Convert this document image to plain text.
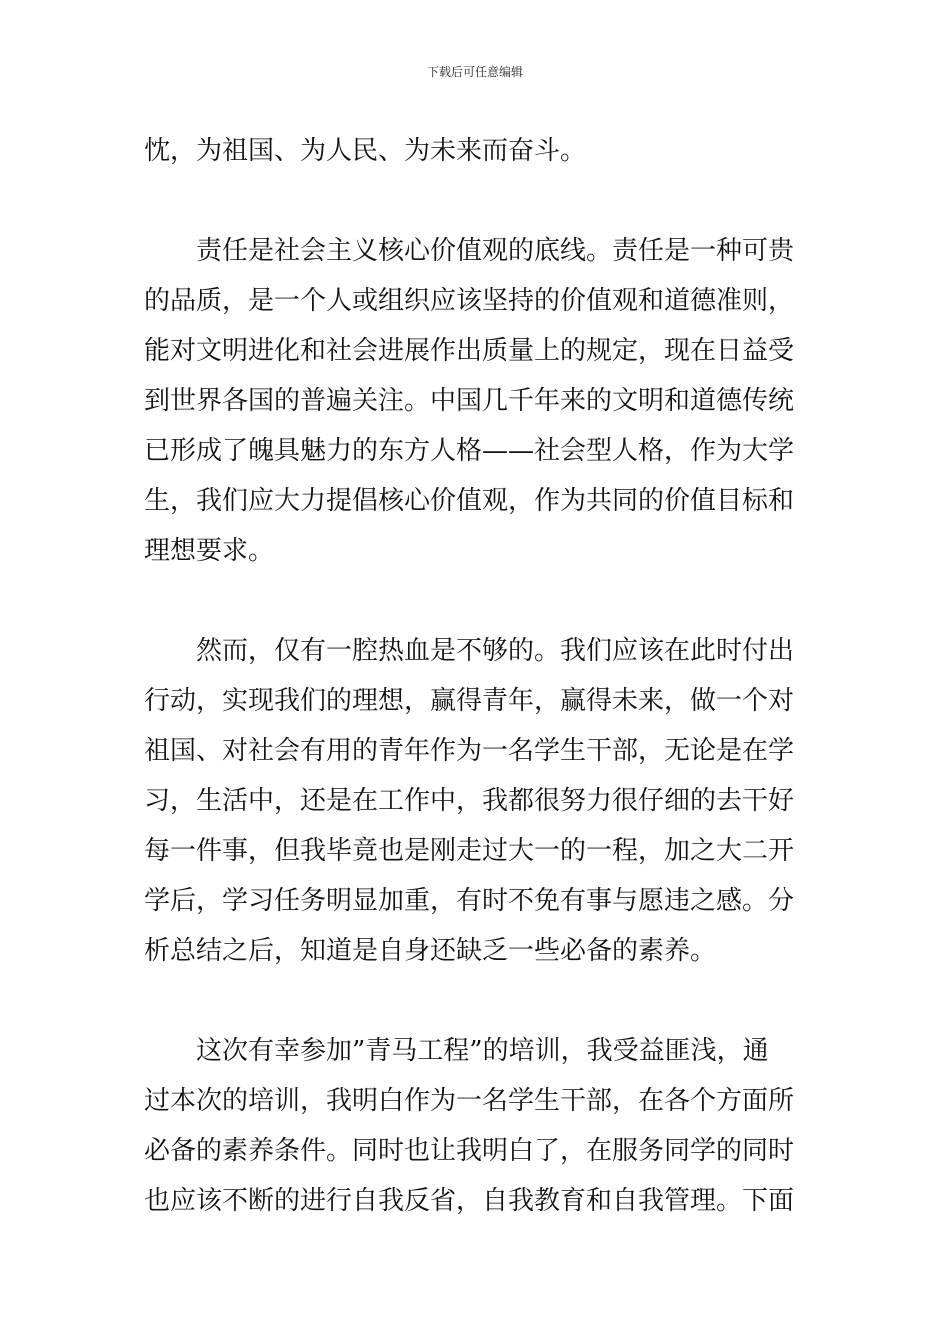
下载后可任意编辑
忱，为祖国、为人民、为未来而奋斗。
责任是社会主义核心价值观的底线。责任是一种可贵
的品质，是一个人或组织应该坚持的价值观和道德准则，
能对文明进化和社会进展作出质量上的规定，现在日益受
到世界各国的普遍关注。中国几千年来的文明和道德传统
已形成了魄具魅力的东方人格——社会型人格，作为大学
生，我们应大力提倡核心价值观，作为共同的价值目标和
理想要求。
然而，仅有一腔热血是不够的。我们应该在此时付出
行动，实现我们的理想，赢得青年，赢得未来，做一个对
祖国、对社会有用的青年作为一名学生干部，无论是在学
习，生活中，还是在工作中，我都很努力很仔细的去干好
每一件事，但我毕竟也是刚走过大一的一程，加之大二开
学后，学习任务明显加重，有时不免有事与愿违之感。分
析总结之后，知道是自身还缺乏一些必备的素养。
这次有幸参加”青马工程”的培训，我受益匪浅，通
过本次的培训，我明白作为一名学生干部，在各个方面所
必备的素养条件。同时也让我明白了，在服务同学的同时
也应该不断的进行自我反省，自我教育和自我管理。下面
